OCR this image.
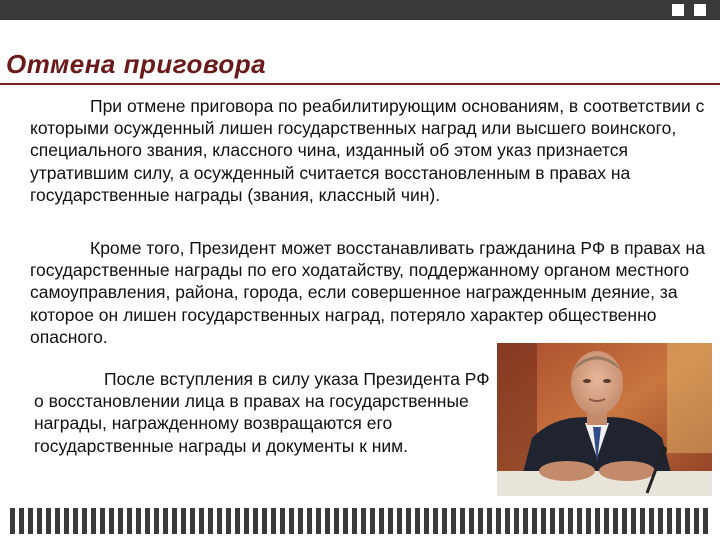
Отмена приговора

При отмене приговора по реабилитирующим основаниям, в соответствии с которыми осужденный лишен государственных наград или высшего воинского, специального звания, классного чина, изданный об этом указ признается утратившим силу, а осужденный считается восстановленным в правах на государственные награды (звания, классный чин).

Кроме того, Президент может восстанавливать гражданина РФ в правах на государственные награды по его ходатайству, поддержанному органом местного самоуправления, района, города, если совершенное награжденным деяние, за которое он лишен государственных наград, потеряло характер общественно опасного.

После вступления в силу указа Президента РФ о восстановлении лица в правах на государственные награды, награжденному возвращаются его государственные награды и документы к ним.
